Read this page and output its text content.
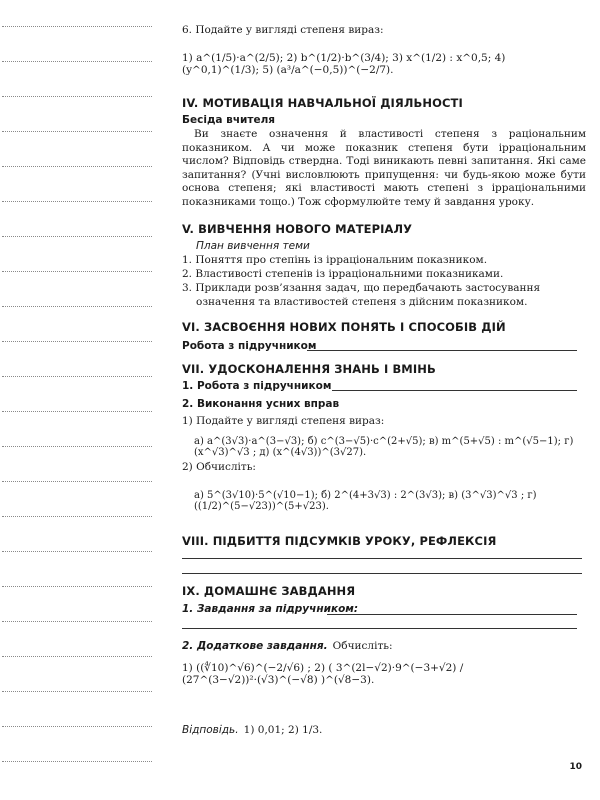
6. Подайте у вигляді степеня вираз:
1) a^(1/5)·a^(2/5); 2) b^(1/2)·b^(3/4); 3) x^(1/2) : x^0,5; 4) (y^0,1)^(1/3); 5) (a³/a^(−0,5))^(−2/7).
IV. МОТИВАЦІЯ НАВЧАЛЬНОЇ ДІЯЛЬНОСТІ
Бесіда вчителя
Ви знаєте означення й властивості степеня з раціональним показником. А чи може показник степеня бути ірраціональним числом? Відповідь ствердна. Тоді виникають певні запитання. Які саме запитання? (Учні висловлюють припущення: чи будь-якою може бути основа степеня; які властивості мають степені з ірраціональними показниками тощо.) Тож сформулюйте тему й завдання уроку.
V. ВИВЧЕННЯ НОВОГО МАТЕРІАЛУ
План вивчення теми
1. Поняття про степінь із ірраціональним показником.
2. Властивості степенів із ірраціональними показниками.
3. Приклади розв’язання задач, що передбачають застосування означення та властивостей степеня з дійсним показником.
VI. ЗАСВОЄННЯ НОВИХ ПОНЯТЬ І СПОСОБІВ ДІЙ
Робота з підручником
VII. УДОСКОНАЛЕННЯ ЗНАНЬ І ВМІНЬ
1. Робота з підручником
2. Виконання усних вправ
1) Подайте у вигляді степеня вираз:
а) a^(3√3)·a^(3−√3); б) c^(3−√5)·c^(2+√5); в) m^(5+√5) : m^(√5−1); г) (x^√3)^√3 ; д) (x^(4√3))^(3√27).
2) Обчисліть:
а) 5^(3√10)·5^(√10−1); б) 2^(4+3√3) : 2^(3√3); в) (3^√3)^√3 ; г) ((1/2)^(5−√23))^(5+√23).
VIII. ПІДБИТТЯ ПІДСУМКІВ УРОКУ, РЕФЛЕКСІЯ
IX. ДОМАШНЄ ЗАВДАННЯ
1. Завдання за підручником:
2. Додаткове завдання. Обчисліть:
1) ((∜10)^√6)^(−2/√6) ; 2) ( 3^(2l−√2)·9^(−3+√2) / (27^(3−√2))²·(√3)^(−√8) )^(√8−3).
Відповідь. 1) 0,01; 2) 1/3.
10
